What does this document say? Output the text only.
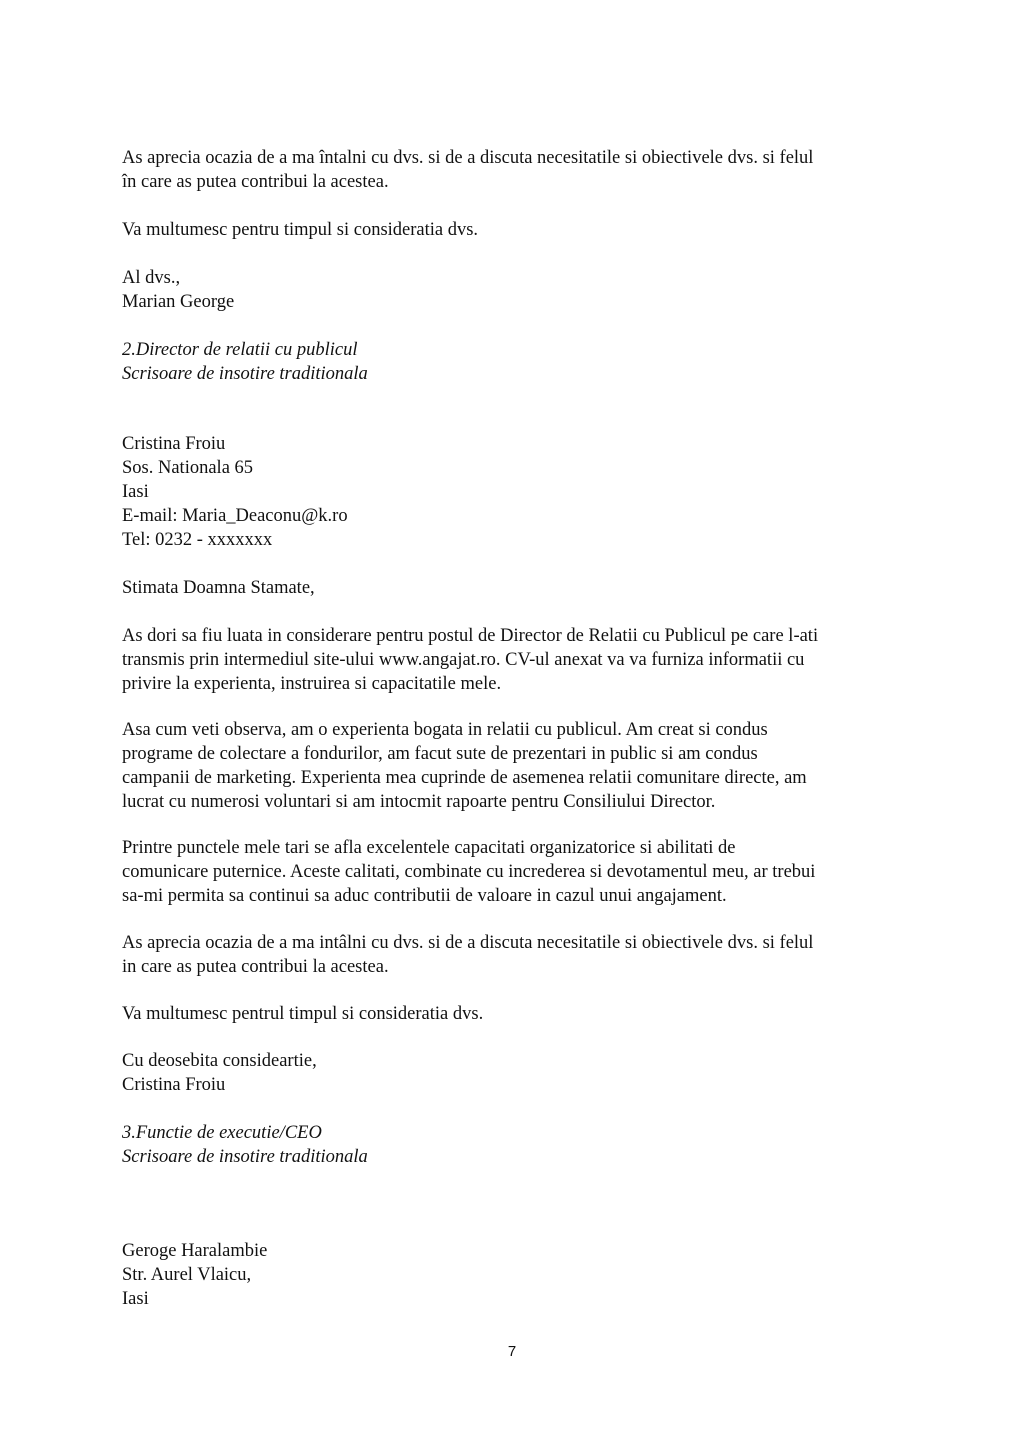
As aprecia ocazia de a ma întalni cu dvs. si de a discuta necesitatile si obiectivele dvs. si felul
în care as putea contribui la acestea.
Va multumesc pentru timpul si consideratia dvs.
Al dvs.,
Marian George
2.Director de relatii cu publicul
Scrisoare de insotire traditionala
Cristina Froiu
Sos. Nationala 65
Iasi
E-mail: Maria_Deaconu@k.ro
Tel: 0232 - xxxxxxx
Stimata Doamna Stamate,
As dori sa fiu luata in considerare pentru postul de Director de Relatii cu Publicul pe care l-ati
transmis prin intermediul site-ului www.angajat.ro. CV-ul anexat va va furniza informatii cu
privire la experienta, instruirea si capacitatile mele.
Asa cum veti observa, am o experienta bogata in relatii cu publicul. Am creat si condus
programe de colectare a fondurilor, am facut sute de prezentari in public si am condus
campanii de marketing. Experienta mea cuprinde de asemenea relatii comunitare directe, am
lucrat cu numerosi voluntari si am intocmit rapoarte pentru Consiliului Director.
Printre punctele mele tari se afla excelentele capacitati organizatorice si abilitati de
comunicare puternice. Aceste calitati, combinate cu increderea si devotamentul meu, ar trebui
sa-mi permita sa continui sa aduc contributii de valoare in cazul unui angajament.
As aprecia ocazia de a ma intâlni cu dvs. si de a discuta necesitatile si obiectivele dvs. si felul
in care as putea contribui la acestea.
Va multumesc pentrul timpul si consideratia dvs.
Cu deosebita consideartie,
Cristina Froiu
3.Functie de executie/CEO
Scrisoare de insotire traditionala
Geroge Haralambie
Str. Aurel Vlaicu,
Iasi
7
